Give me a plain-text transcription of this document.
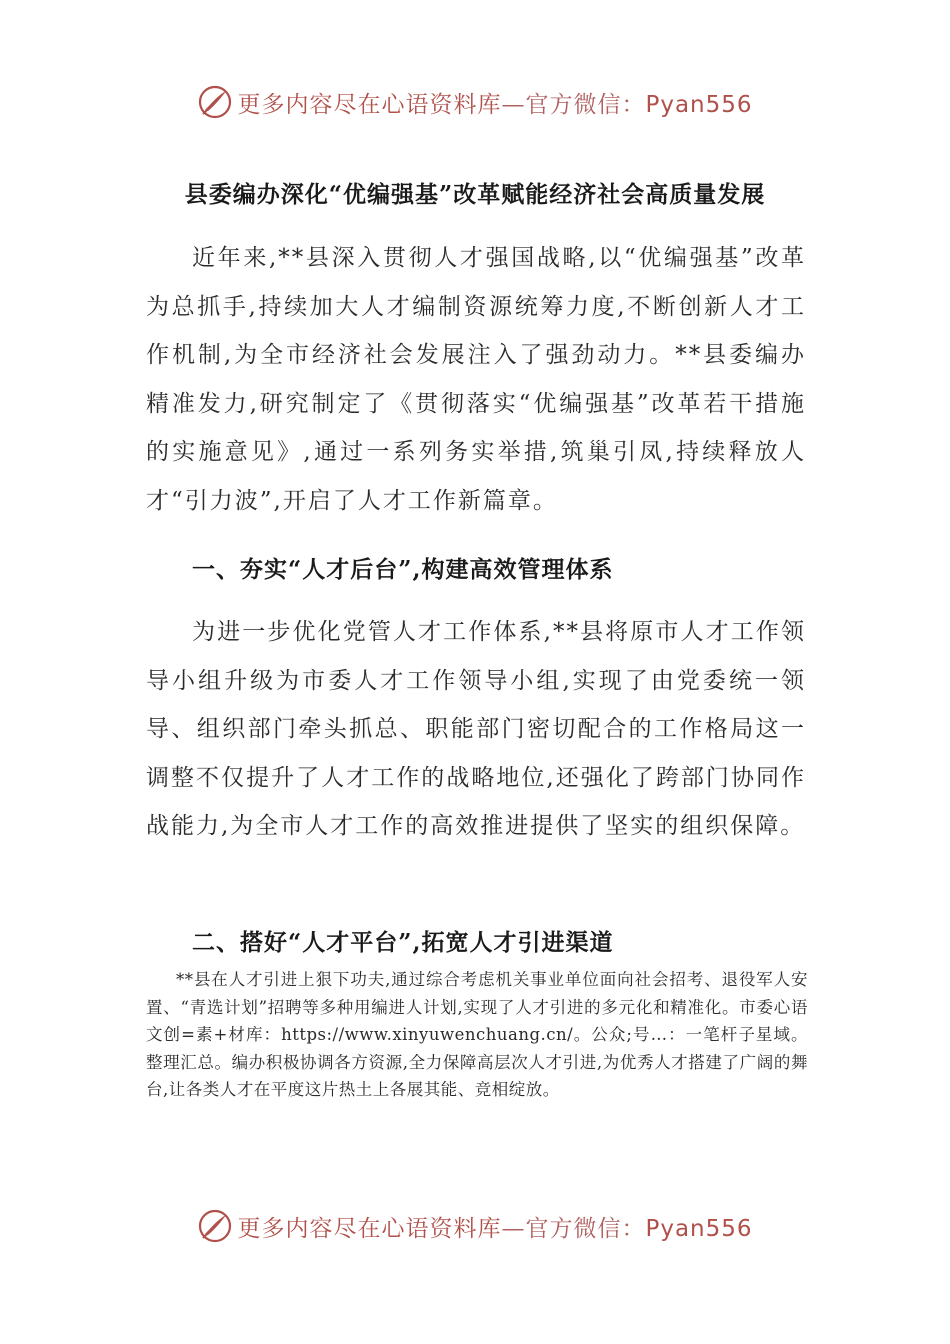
更多内容尽在心语资料库—官方微信：Pyan556
县委编办深化“优编强基”改革赋能经济社会高质量发展
近年来,**县深入贯彻人才强国战略,以“优编强基”改革为总抓手,持续加大人才编制资源统筹力度,不断创新人才工作机制,为全市经济社会发展注入了强劲动力。**县委编办精准发力,研究制定了《贯彻落实“优编强基”改革若干措施的实施意见》,通过一系列务实举措,筑巢引凤,持续释放人才“引力波”,开启了人才工作新篇章。
一、夯实“人才后台”,构建高效管理体系
为进一步优化党管人才工作体系,**县将原市人才工作领导小组升级为市委人才工作领导小组,实现了由党委统一领导、组织部门牵头抓总、职能部门密切配合的工作格局这一调整不仅提升了人才工作的战略地位,还强化了跨部门协同作战能力,为全市人才工作的高效推进提供了坚实的组织保障。
二、搭好“人才平台”,拓宽人才引进渠道
**县在人才引进上狠下功夫,通过综合考虑机关事业单位面向社会招考、退役军人安置、“青选计划”招聘等多种用编进人计划,实现了人才引进的多元化和精准化。市委心语文创=素+材库：https://www.xinyuwenchuang.cn/。公众;号…：一笔杆子星域。整理汇总。编办积极协调各方资源,全力保障高层次人才引进,为优秀人才搭建了广阔的舞台,让各类人才在平度这片热土上各展其能、竞相绽放。
更多内容尽在心语资料库—官方微信：Pyan556
